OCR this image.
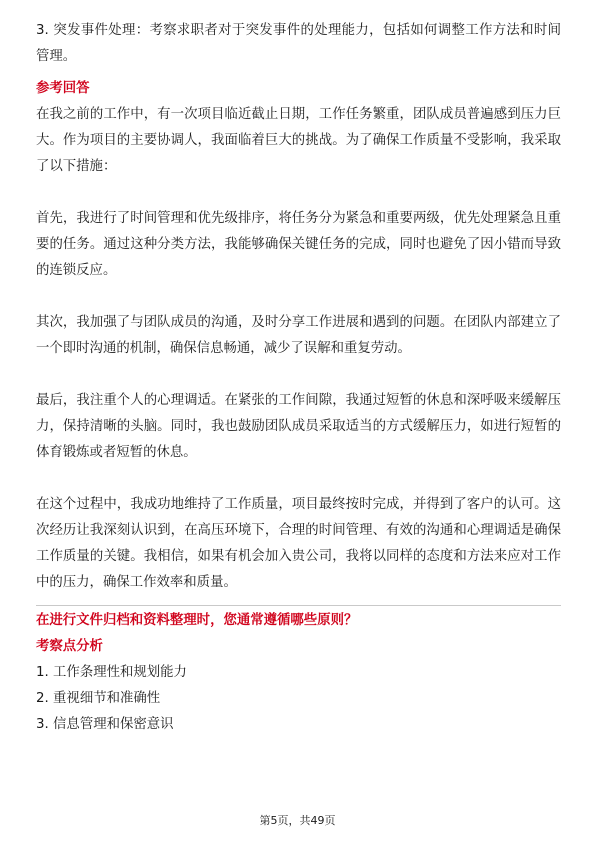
3. 突发事件处理：考察求职者对于突发事件的处理能力，包括如何调整工作方法和时间管理。

参考回答

在我之前的工作中，有一次项目临近截止日期，工作任务繁重，团队成员普遍感到压力巨大。作为项目的主要协调人，我面临着巨大的挑战。为了确保工作质量不受影响，我采取了以下措施：

首先，我进行了时间管理和优先级排序，将任务分为紧急和重要两级，优先处理紧急且重要的任务。通过这种分类方法，我能够确保关键任务的完成，同时也避免了因小错而导致的连锁反应。

其次，我加强了与团队成员的沟通，及时分享工作进展和遇到的问题。在团队内部建立了一个即时沟通的机制，确保信息畅通，减少了误解和重复劳动。

最后，我注重个人的心理调适。在紧张的工作间隙，我通过短暂的休息和深呼吸来缓解压力，保持清晰的头脑。同时，我也鼓励团队成员采取适当的方式缓解压力，如进行短暂的体育锻炼或者短暂的休息。

在这个过程中，我成功地维持了工作质量，项目最终按时完成，并得到了客户的认可。这次经历让我深刻认识到，在高压环境下，合理的时间管理、有效的沟通和心理调适是确保工作质量的关键。我相信，如果有机会加入贵公司，我将以同样的态度和方法来应对工作中的压力，确保工作效率和质量。

在进行文件归档和资料整理时，您通常遵循哪些原则？

考察点分析

1. 工作条理性和规划能力

2. 重视细节和准确性

3. 信息管理和保密意识

第5页，共49页
